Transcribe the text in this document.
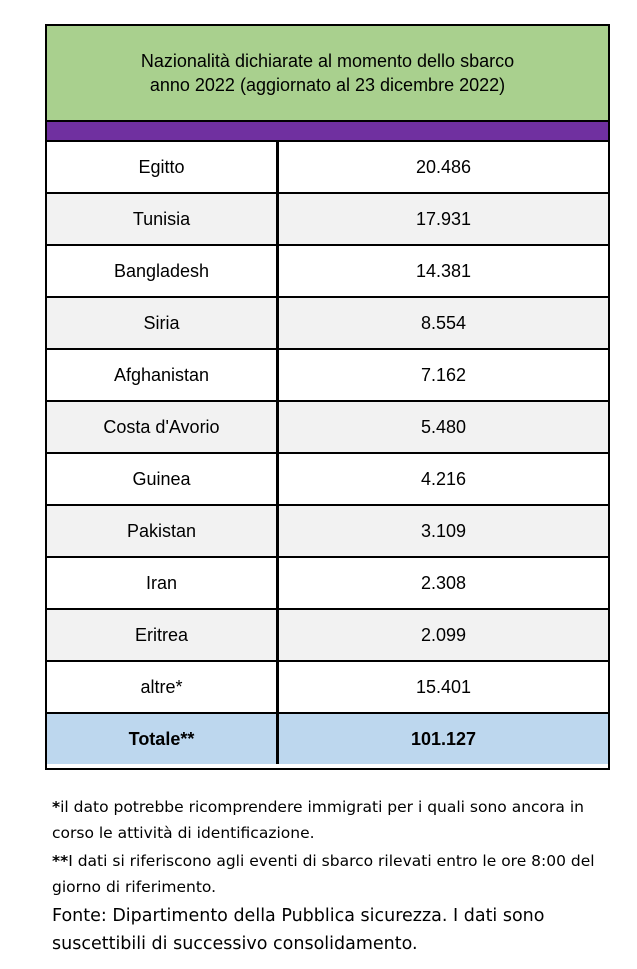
Nazionalità dichiarate al momento dello sbarco
anno 2022 (aggiornato al 23 dicembre 2022)
Egitto	20.486
Tunisia	17.931
Bangladesh	14.381
Siria	8.554
Afghanistan	7.162
Costa d'Avorio	5.480
Guinea	4.216
Pakistan	3.109
Iran	2.308
Eritrea	2.099
altre*	15.401
Totale**	101.127
*il dato potrebbe ricomprendere immigrati per i quali sono ancora in corso le attività di identificazione.
**I dati si riferiscono agli eventi di sbarco rilevati entro le ore 8:00 del giorno di riferimento.
Fonte: Dipartimento della Pubblica sicurezza. I dati sono suscettibili di successivo consolidamento.
